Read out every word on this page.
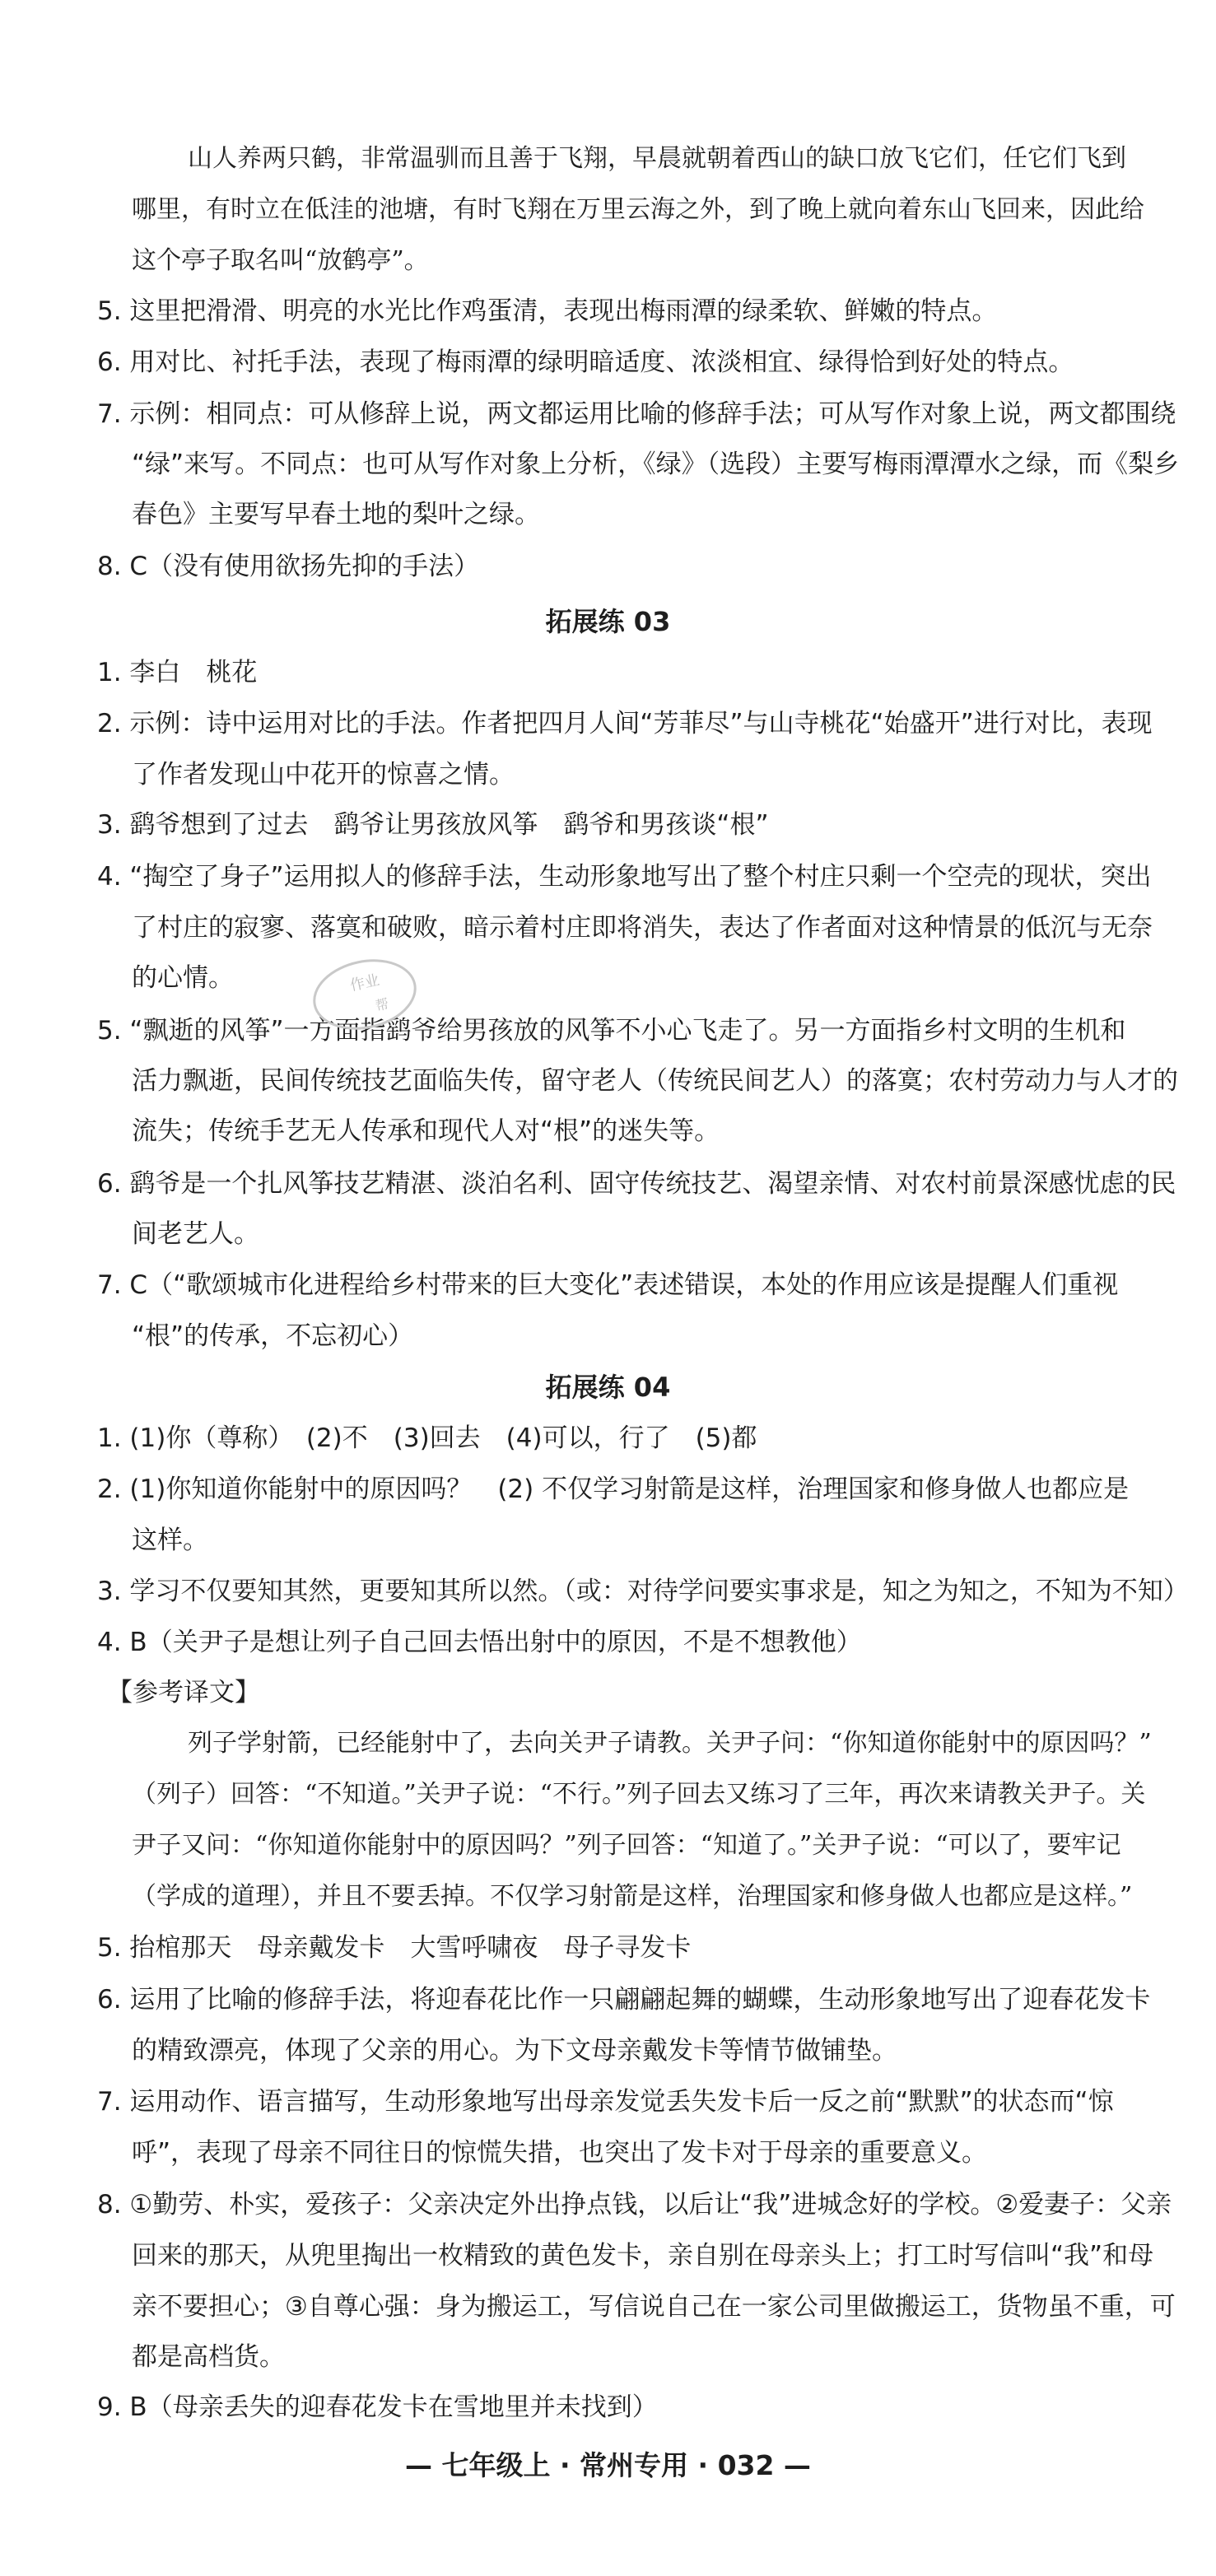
山人养两只鹤，非常温驯而且善于飞翔，早晨就朝着西山的缺口放飞它们，任它们飞到
哪里，有时立在低洼的池塘，有时飞翔在万里云海之外，到了晚上就向着东山飞回来，因此给
这个亭子取名叫“放鹤亭”。
5. 这里把滑滑、明亮的水光比作鸡蛋清，表现出梅雨潭的绿柔软、鲜嫩的特点。
6. 用对比、衬托手法，表现了梅雨潭的绿明暗适度、浓淡相宜、绿得恰到好处的特点。
7. 示例：相同点：可从修辞上说，两文都运用比喻的修辞手法；可从写作对象上说，两文都围绕
“绿”来写。不同点：也可从写作对象上分析，《绿》（选段）主要写梅雨潭潭水之绿，而《梨乡
春色》主要写早春土地的梨叶之绿。
8. C（没有使用欲扬先抑的手法）
拓展练 03
1. 李白　桃花
2. 示例：诗中运用对比的手法。作者把四月人间“芳菲尽”与山寺桃花“始盛开”进行对比，表现
了作者发现山中花开的惊喜之情。
3. 鹞爷想到了过去　鹞爷让男孩放风筝　鹞爷和男孩谈“根”
4. “掏空了身子”运用拟人的修辞手法，生动形象地写出了整个村庄只剩一个空壳的现状，突出
了村庄的寂寥、落寞和破败，暗示着村庄即将消失，表达了作者面对这种情景的低沉与无奈
的心情。
5. “飘逝的风筝”一方面指鹞爷给男孩放的风筝不小心飞走了。另一方面指乡村文明的生机和
活力飘逝，民间传统技艺面临失传，留守老人（传统民间艺人）的落寞；农村劳动力与人才的
流失；传统手艺无人传承和现代人对“根”的迷失等。
6. 鹞爷是一个扎风筝技艺精湛、淡泊名利、固守传统技艺、渴望亲情、对农村前景深感忧虑的民
间老艺人。
7. C（“歌颂城市化进程给乡村带来的巨大变化”表述错误，本处的作用应该是提醒人们重视
“根”的传承，不忘初心）
拓展练 04
1. (1)你（尊称）　(2)不　(3)回去　(4)可以，行了　(5)都
2. (1)你知道你能射中的原因吗？　(2) 不仅学习射箭是这样，治理国家和修身做人也都应是
这样。
3. 学习不仅要知其然，更要知其所以然。（或：对待学问要实事求是，知之为知之，不知为不知）
4. B（关尹子是想让列子自己回去悟出射中的原因，不是不想教他）
【参考译文】
列子学射箭，已经能射中了，去向关尹子请教。关尹子问：“你知道你能射中的原因吗？”
（列子）回答：“不知道。”关尹子说：“不行。”列子回去又练习了三年，再次来请教关尹子。关
尹子又问：“你知道你能射中的原因吗？”列子回答：“知道了。”关尹子说：“可以了，要牢记
（学成的道理），并且不要丢掉。不仅学习射箭是这样，治理国家和修身做人也都应是这样。”
5. 抬棺那天　母亲戴发卡　大雪呼啸夜　母子寻发卡
6. 运用了比喻的修辞手法，将迎春花比作一只翩翩起舞的蝴蝶，生动形象地写出了迎春花发卡
的精致漂亮，体现了父亲的用心。为下文母亲戴发卡等情节做铺垫。
7. 运用动作、语言描写，生动形象地写出母亲发觉丢失发卡后一反之前“默默”的状态而“惊
呼”，表现了母亲不同往日的惊慌失措，也突出了发卡对于母亲的重要意义。
8. ①勤劳、朴实，爱孩子：父亲决定外出挣点钱，以后让“我”进城念好的学校。②爱妻子：父亲
回来的那天，从兜里掏出一枚精致的黄色发卡，亲自别在母亲头上；打工时写信叫“我”和母
亲不要担心；③自尊心强：身为搬运工，写信说自己在一家公司里做搬运工，货物虽不重，可
都是高档货。
9. B（母亲丢失的迎春花发卡在雪地里并未找到）
— 七年级上 · 常州专用 · 032 —
作业
帮
